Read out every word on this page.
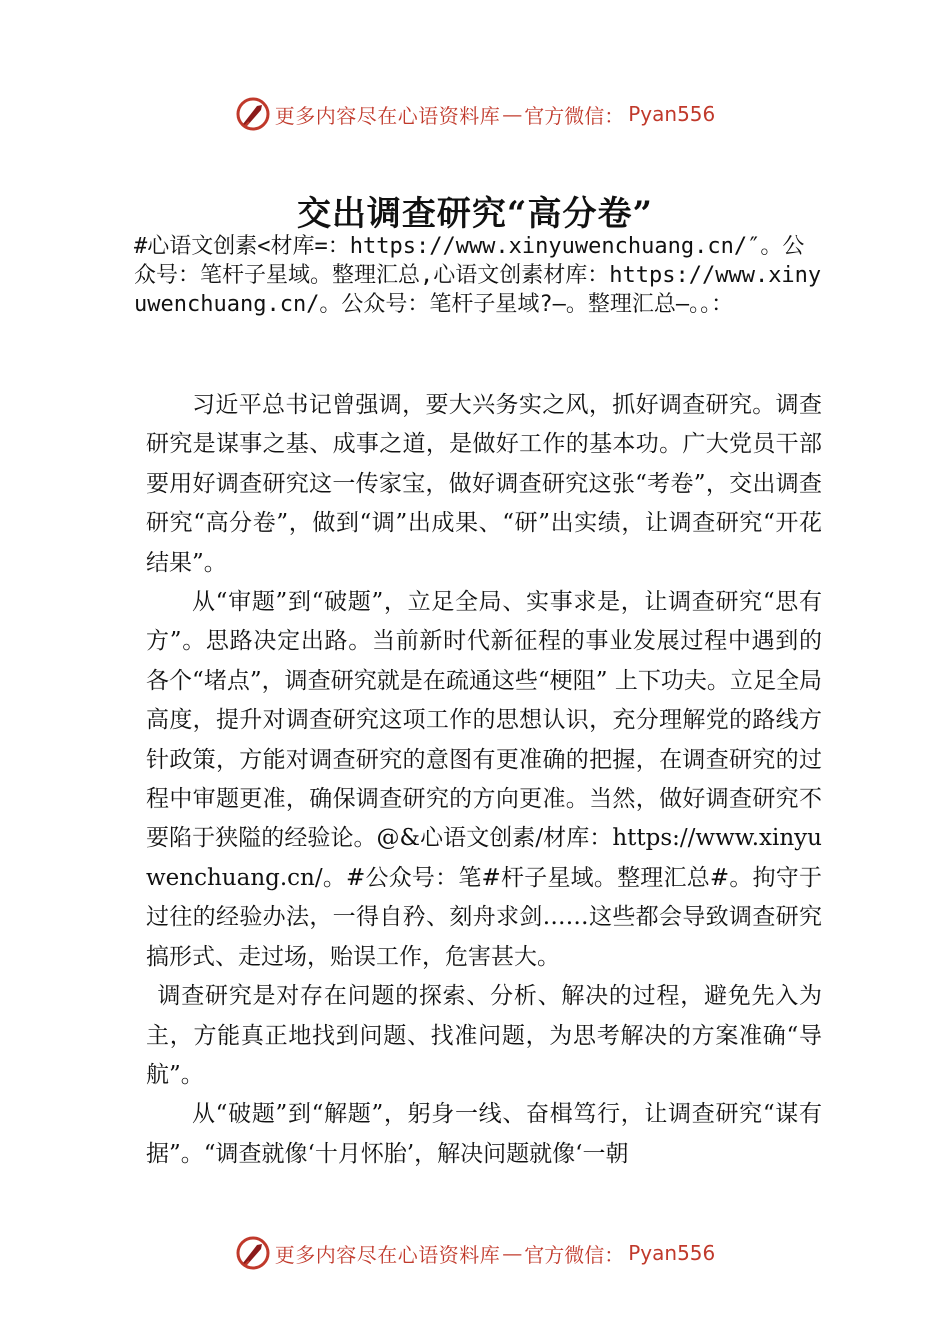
更多内容尽在心语资料库 — 官方微信： Pyan556
交出调查研究“高分卷”
#心语文创素<材库=：https://www.xinyuwenchuang.cn/″。公众号：笔杆子星域。整理汇总,心语文创素材库：https://www.xinyuwenchuang.cn/。公众号：笔杆子星域?—。整理汇总—。。：

习近平总书记曾强调，要大兴务实之风，抓好调查研究。调查研究是谋事之基、成事之道，是做好工作的基本功。广大党员干部要用好调查研究这一传家宝，做好调查研究这张“考卷”，交出调查研究“高分卷”，做到“调”出成果、“研”出实绩，让调查研究“开花结果”。

从“审题”到“破题”，立足全局、实事求是，让调查研究“思有方”。思路决定出路。当前新时代新征程的事业发展过程中遇到的各个“堵点”，调查研究就是在疏通这些“梗阻” 上下功夫。立足全局高度，提升对调查研究这项工作的思想认识，充分理解党的路线方针政策，方能对调查研究的意图有更准确的把握，在调查研究的过程中审题更准，确保调查研究的方向更准。当然，做好调查研究不要陷于狭隘的经验论。@&心语文创素/材库：https://www.xinyuwenchuang.cn/。#公众号：笔#杆子星域。整理汇总#。拘守于过往的经验办法，一得自矜、刻舟求剑……这些都会导致调查研究搞形式、走过场，贻误工作，危害甚大。

调查研究是对存在问题的探索、分析、解决的过程，避免先入为主，方能真正地找到问题、找准问题，为思考解决的方案准确“导航”。

从“破题”到“解题”，躬身一线、奋楫笃行，让调查研究“谋有据”。“调查就像‘十月怀胎’，解决问题就像‘一朝

更多内容尽在心语资料库 — 官方微信： Pyan556
